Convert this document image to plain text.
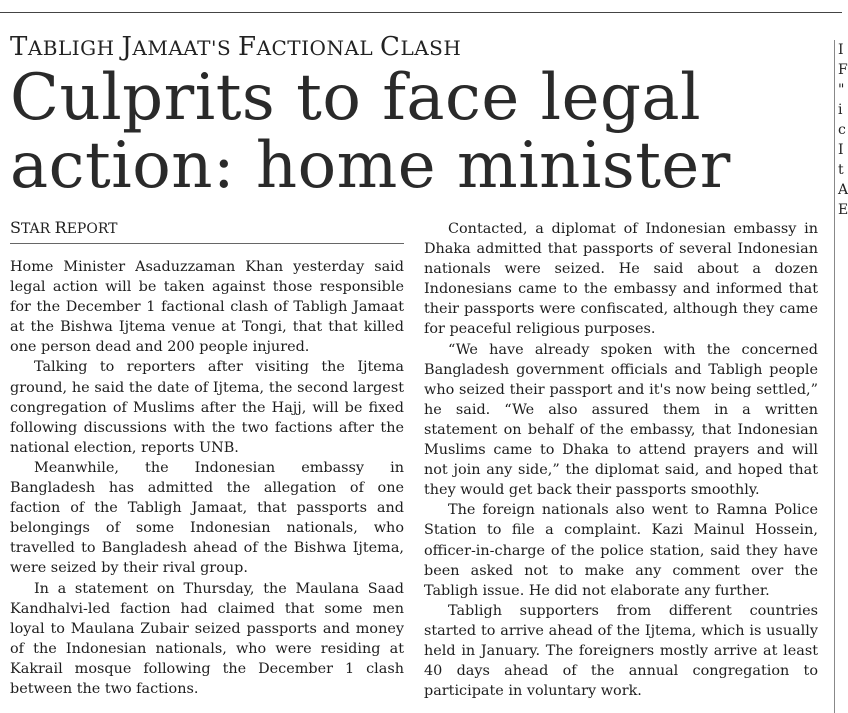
TABLIGH JAMAAT'S FACTIONAL CLASH
Culprits to face legal action: home minister
STAR REPORT

Home Minister Asaduzzaman Khan yesterday said legal action will be taken against those responsible for the December 1 factional clash of Tabligh Jamaat at the Bishwa Ijtema venue at Tongi, that that killed one person dead and 200 people injured.

Talking to reporters after visiting the Ijtema ground, he said the date of Ijtema, the second largest congregation of Muslims after the Hajj, will be fixed following discussions with the two factions after the national election, reports UNB.

Meanwhile, the Indonesian embassy in Bangladesh has admitted the allegation of one faction of the Tabligh Jamaat, that passports and belongings of some Indonesian nationals, who travelled to Bangladesh ahead of the Bishwa Ijtema, were seized by their rival group.

In a statement on Thursday, the Maulana Saad Kandhalvi-led faction had claimed that some men loyal to Maulana Zubair seized passports and money of the Indonesian nationals, who were residing at Kakrail mosque following the December 1 clash between the two factions.

Contacted, a diplomat of Indonesian embassy in Dhaka admitted that passports of several Indonesian nationals were seized. He said about a dozen Indonesians came to the embassy and informed that their passports were confiscated, although they came for peaceful religious purposes.

“We have already spoken with the concerned Bangladesh government officials and Tabligh people who seized their passport and it's now being settled,” he said. “We also assured them in a written statement on behalf of the embassy, that Indonesian Muslims came to Dhaka to attend prayers and will not join any side,” the diplomat said, and hoped that they would get back their passports smoothly.

The foreign nationals also went to Ramna Police Station to file a complaint. Kazi Mainul Hossein, officer-in-charge of the police station, said they have been asked not to make any comment over the Tabligh issue. He did not elaborate any further.

Tabligh supporters from different countries started to arrive ahead of the Ijtema, which is usually held in January. The foreigners mostly arrive at least 40 days ahead of the annual congregation to participate in voluntary work.

I
F
"
i
c
I
t
A
E
